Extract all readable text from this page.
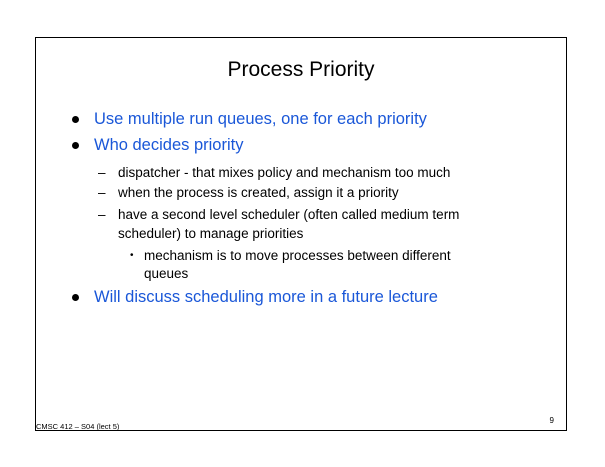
Process Priority
Use multiple run queues, one for each priority
Who decides priority
– dispatcher - that mixes policy and mechanism too much
– when the process is created, assign it a priority
– have a second level scheduler (often called medium term
scheduler) to manage priorities
• mechanism is to move processes between different
queues
Will discuss scheduling more in a future lecture
CMSC 412 – S04 (lect 5)
9
